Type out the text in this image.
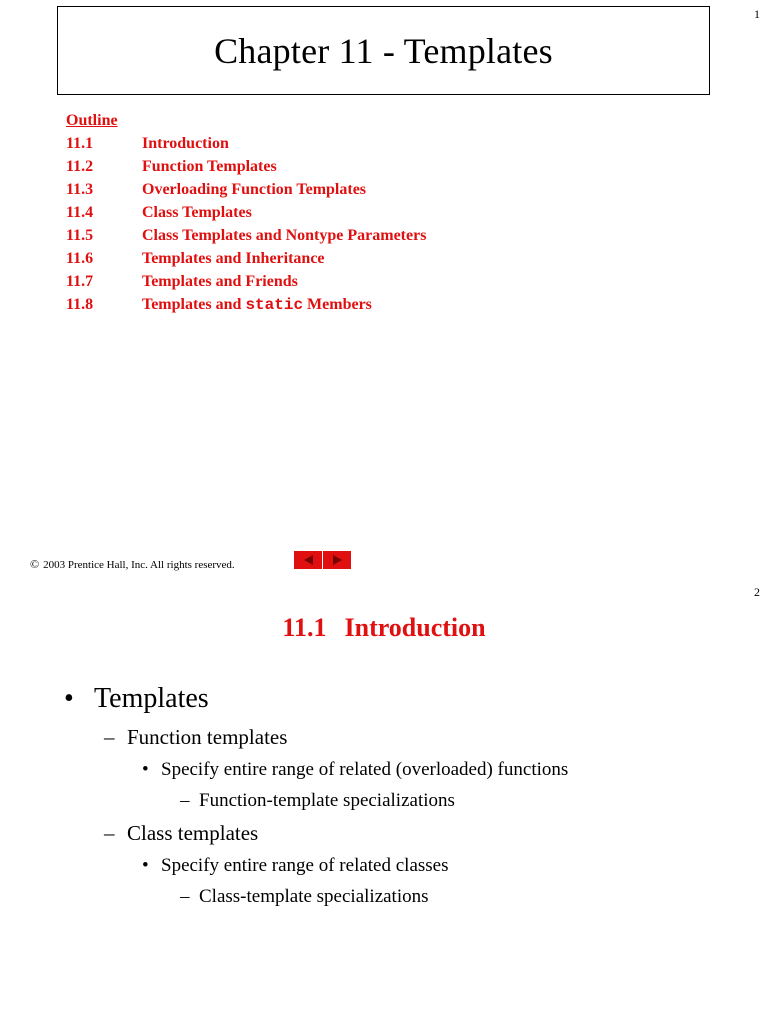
1
Chapter 11 - Templates
Outline
11.1	Introduction
11.2	Function Templates
11.3	Overloading Function Templates
11.4	Class Templates
11.5	Class Templates and Nontype Parameters
11.6	Templates and Inheritance
11.7	Templates and Friends
11.8	Templates and static Members
© 2003 Prentice Hall, Inc. All rights reserved.
2
11.1 Introduction
• Templates
– Function templates
• Specify entire range of related (overloaded) functions
– Function-template specializations
– Class templates
• Specify entire range of related classes
– Class-template specializations
